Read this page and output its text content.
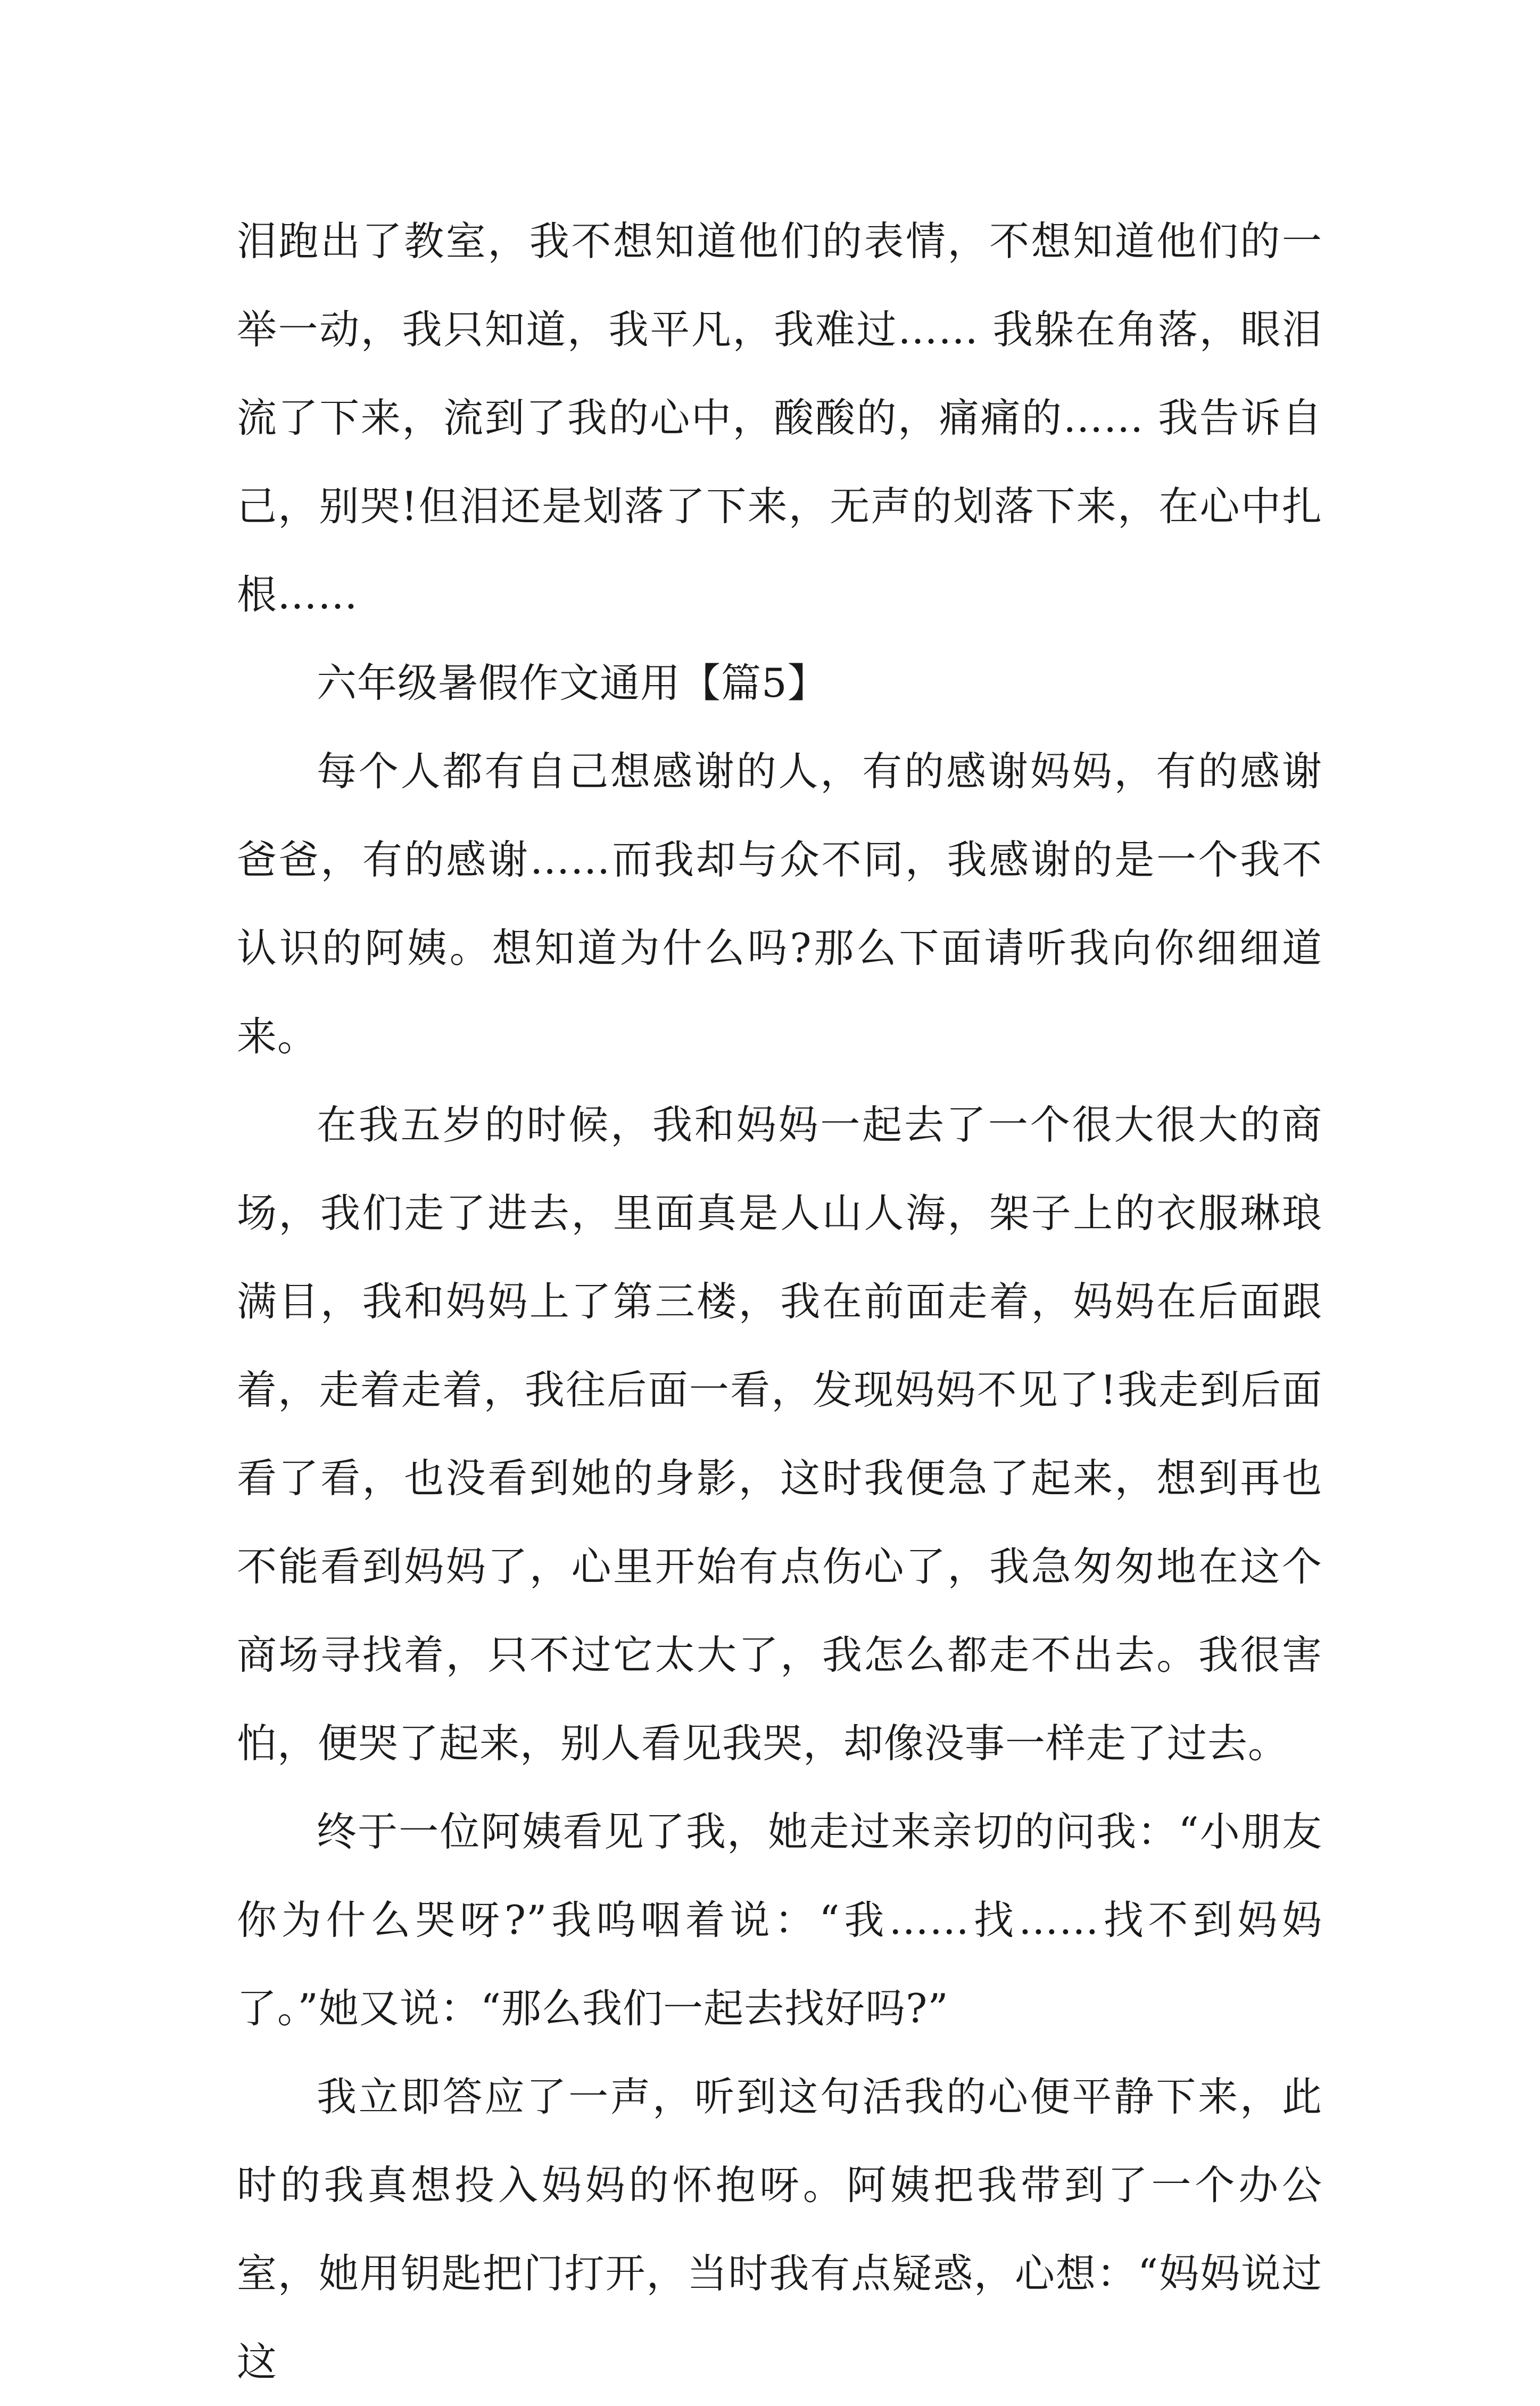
泪跑出了教室，我不想知道他们的表情，不想知道他们的一举一动，我只知道，我平凡，我难过…… 我躲在角落，眼泪流了下来，流到了我的心中，酸酸的，痛痛的…… 我告诉自己，别哭!但泪还是划落了下来，无声的划落下来，在心中扎根……

六年级暑假作文通用【篇5】

每个人都有自己想感谢的人，有的感谢妈妈，有的感谢爸爸，有的感谢……而我却与众不同，我感谢的是一个我不认识的阿姨。想知道为什么吗?那么下面请听我向你细细道来。

在我五岁的时候，我和妈妈一起去了一个很大很大的商场，我们走了进去，里面真是人山人海，架子上的衣服琳琅满目，我和妈妈上了第三楼，我在前面走着，妈妈在后面跟着，走着走着，我往后面一看，发现妈妈不见了!我走到后面看了看，也没看到她的身影，这时我便急了起来，想到再也不能看到妈妈了，心里开始有点伤心了，我急匆匆地在这个商场寻找着，只不过它太大了，我怎么都走不出去。我很害怕，便哭了起来，别人看见我哭，却像没事一样走了过去。

终于一位阿姨看见了我，她走过来亲切的问我：“小朋友你为什么哭呀?”我呜咽着说：“我……找……找不到妈妈了。”她又说：“那么我们一起去找好吗?”

我立即答应了一声，听到这句活我的心便平静下来，此时的我真想投入妈妈的怀抱呀。阿姨把我带到了一个办公室，她用钥匙把门打开，当时我有点疑惑，心想：“妈妈说过这
